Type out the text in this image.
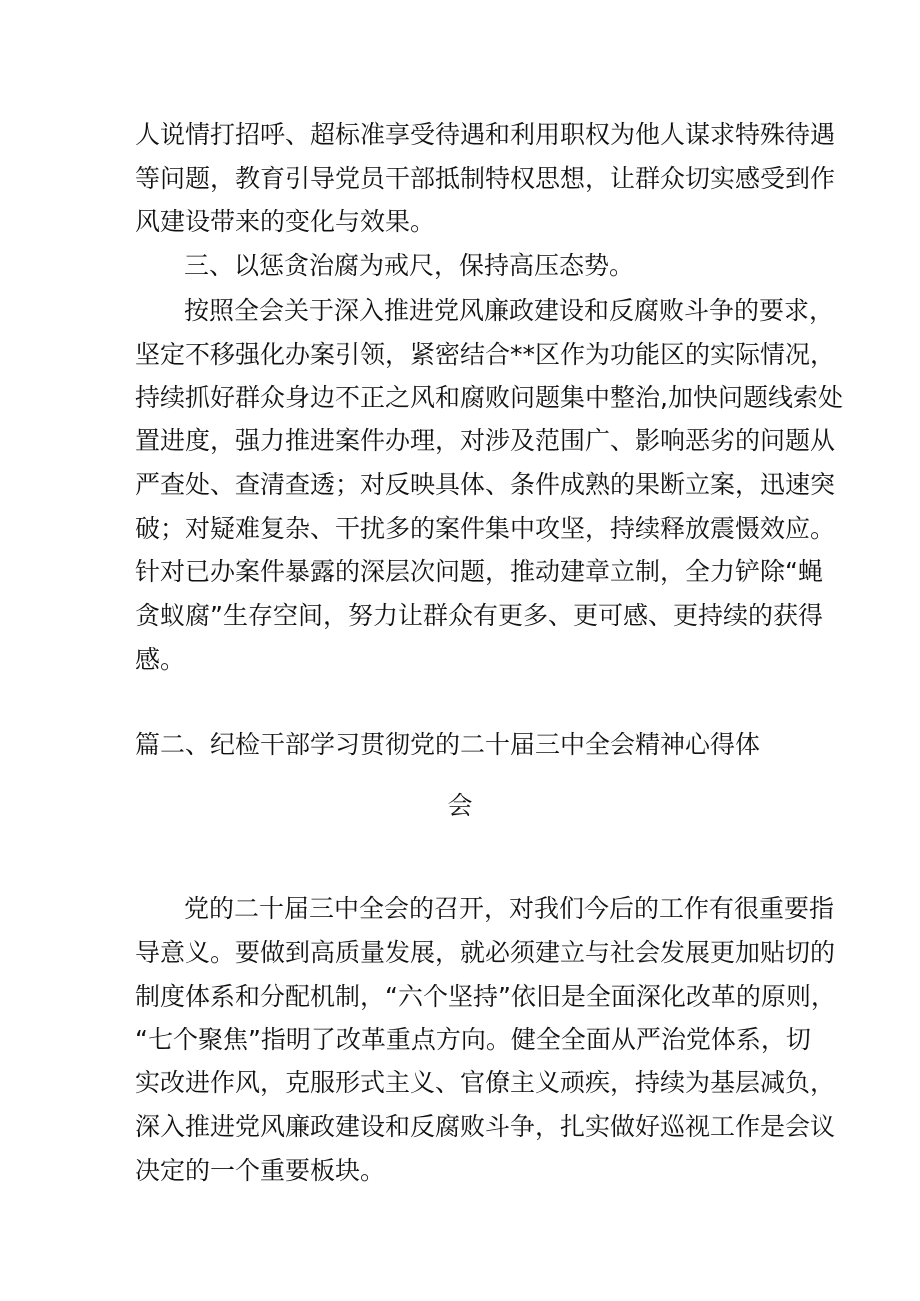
人说情打招呼、超标准享受待遇和利用职权为他人谋求特殊待遇
等问题，教育引导党员干部抵制特权思想，让群众切实感受到作
风建设带来的变化与效果。
三、以惩贪治腐为戒尺，保持高压态势。
按照全会关于深入推进党风廉政建设和反腐败斗争的要求，
坚定不移强化办案引领，紧密结合**区作为功能区的实际情况，
持续抓好群众身边不正之风和腐败问题集中整治,加快问题线索处
置进度，强力推进案件办理，对涉及范围广、影响恶劣的问题从
严查处、查清查透；对反映具体、条件成熟的果断立案，迅速突
破；对疑难复杂、干扰多的案件集中攻坚，持续释放震慑效应。
针对已办案件暴露的深层次问题，推动建章立制，全力铲除“蝇
贪蚁腐”生存空间，努力让群众有更多、更可感、更持续的获得
感。
篇二、纪检干部学习贯彻党的二十届三中全会精神心得体
会
党的二十届三中全会的召开，对我们今后的工作有很重要指
导意义。要做到高质量发展，就必须建立与社会发展更加贴切的
制度体系和分配机制，“六个坚持”依旧是全面深化改革的原则，
“七个聚焦”指明了改革重点方向。健全全面从严治党体系，切
实改进作风，克服形式主义、官僚主义顽疾，持续为基层减负，
深入推进党风廉政建设和反腐败斗争，扎实做好巡视工作是会议
决定的一个重要板块。
